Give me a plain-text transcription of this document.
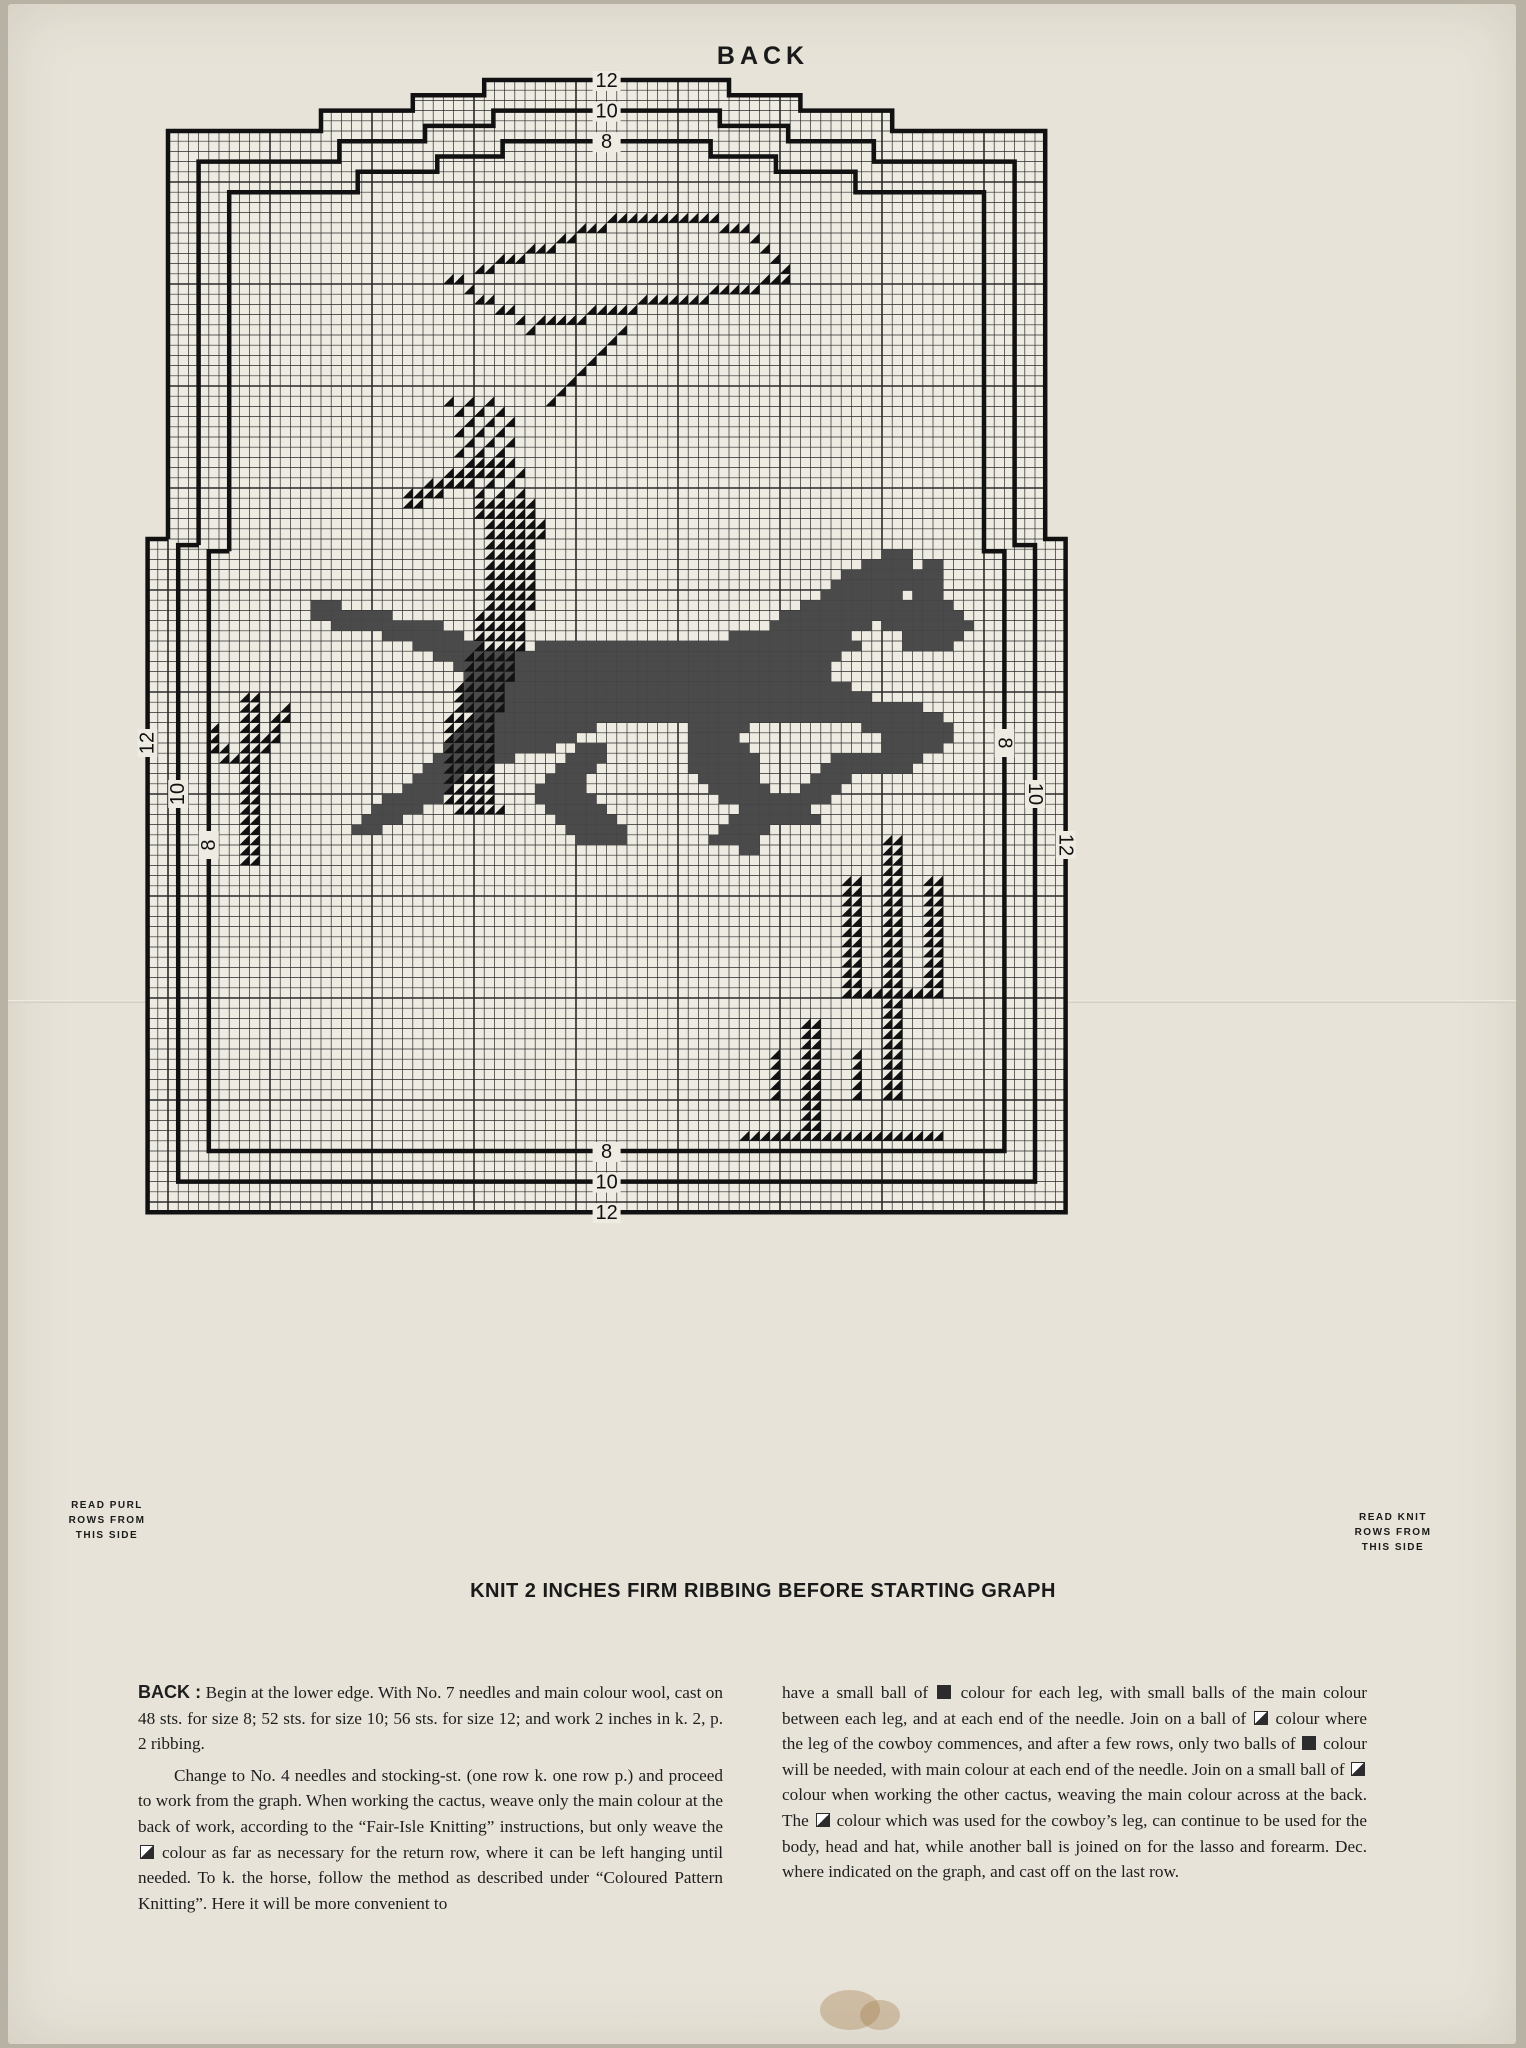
12
10
8
8
10
12
12
10
8
8
10
12
BACK
READ PURL
ROWS FROM
THIS SIDE
READ KNIT
ROWS FROM
THIS SIDE
KNIT 2 INCHES FIRM RIBBING BEFORE STARTING GRAPH

BACK : Begin at the lower edge. With No. 7 needles and main colour wool, cast on 48 sts. for size 8; 52 sts. for size 10; 56 sts. for size 12; and work 2 inches in k. 2, p. 2 ribbing.

Change to No. 4 needles and stocking-st. (one row k. one row p.) and proceed to work from the graph. When working the cactus, weave only the main colour at the back of work, according to the “Fair-Isle Knitting” instructions, but only weave the  colour as far as necessary for the return row, where it can be left hanging until needed. To k. the horse, follow the method as described under “Coloured Pattern Knitting”. Here it will be more convenient to

have a small ball of colour for each leg, with small balls of the main colour between each leg, and at each end of the needle. Join on a ball of colour where the leg of the cowboy commences, and after a few rows, only two balls of colour will be needed, with main colour at each end of the needle. Join on a small ball of  colour when working the other cactus, weaving the main colour across at the back. The colour which was used for the cowboy’s leg, can continue to be used for the body, head and hat, while another ball is joined on for the lasso and forearm. Dec. where indicated on the graph, and cast off on the last row.
